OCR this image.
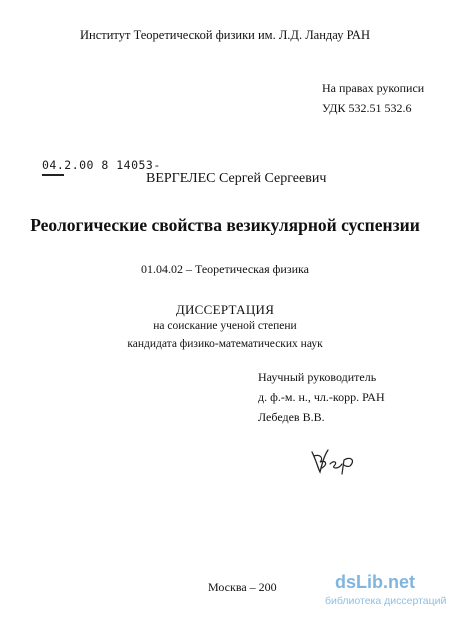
Институт Теоретической физики им. Л.Д. Ландау РАН
На правах рукописи
УДК 532.51 532.6
04.2.00 8 14053-
ВЕРГЕЛЕС Сергей Сергеевич
Реологические свойства везикулярной суспензии
01.04.02 – Теоретическая физика
ДИССЕРТАЦИЯ
на соискание ученой степени
кандидата физико-математических наук
Научный руководитель
д. ф.-м. н., чл.-корр. РАН
Лебедев В.В.
Москва – 200	dsLib.net
библиотека диссертаций
